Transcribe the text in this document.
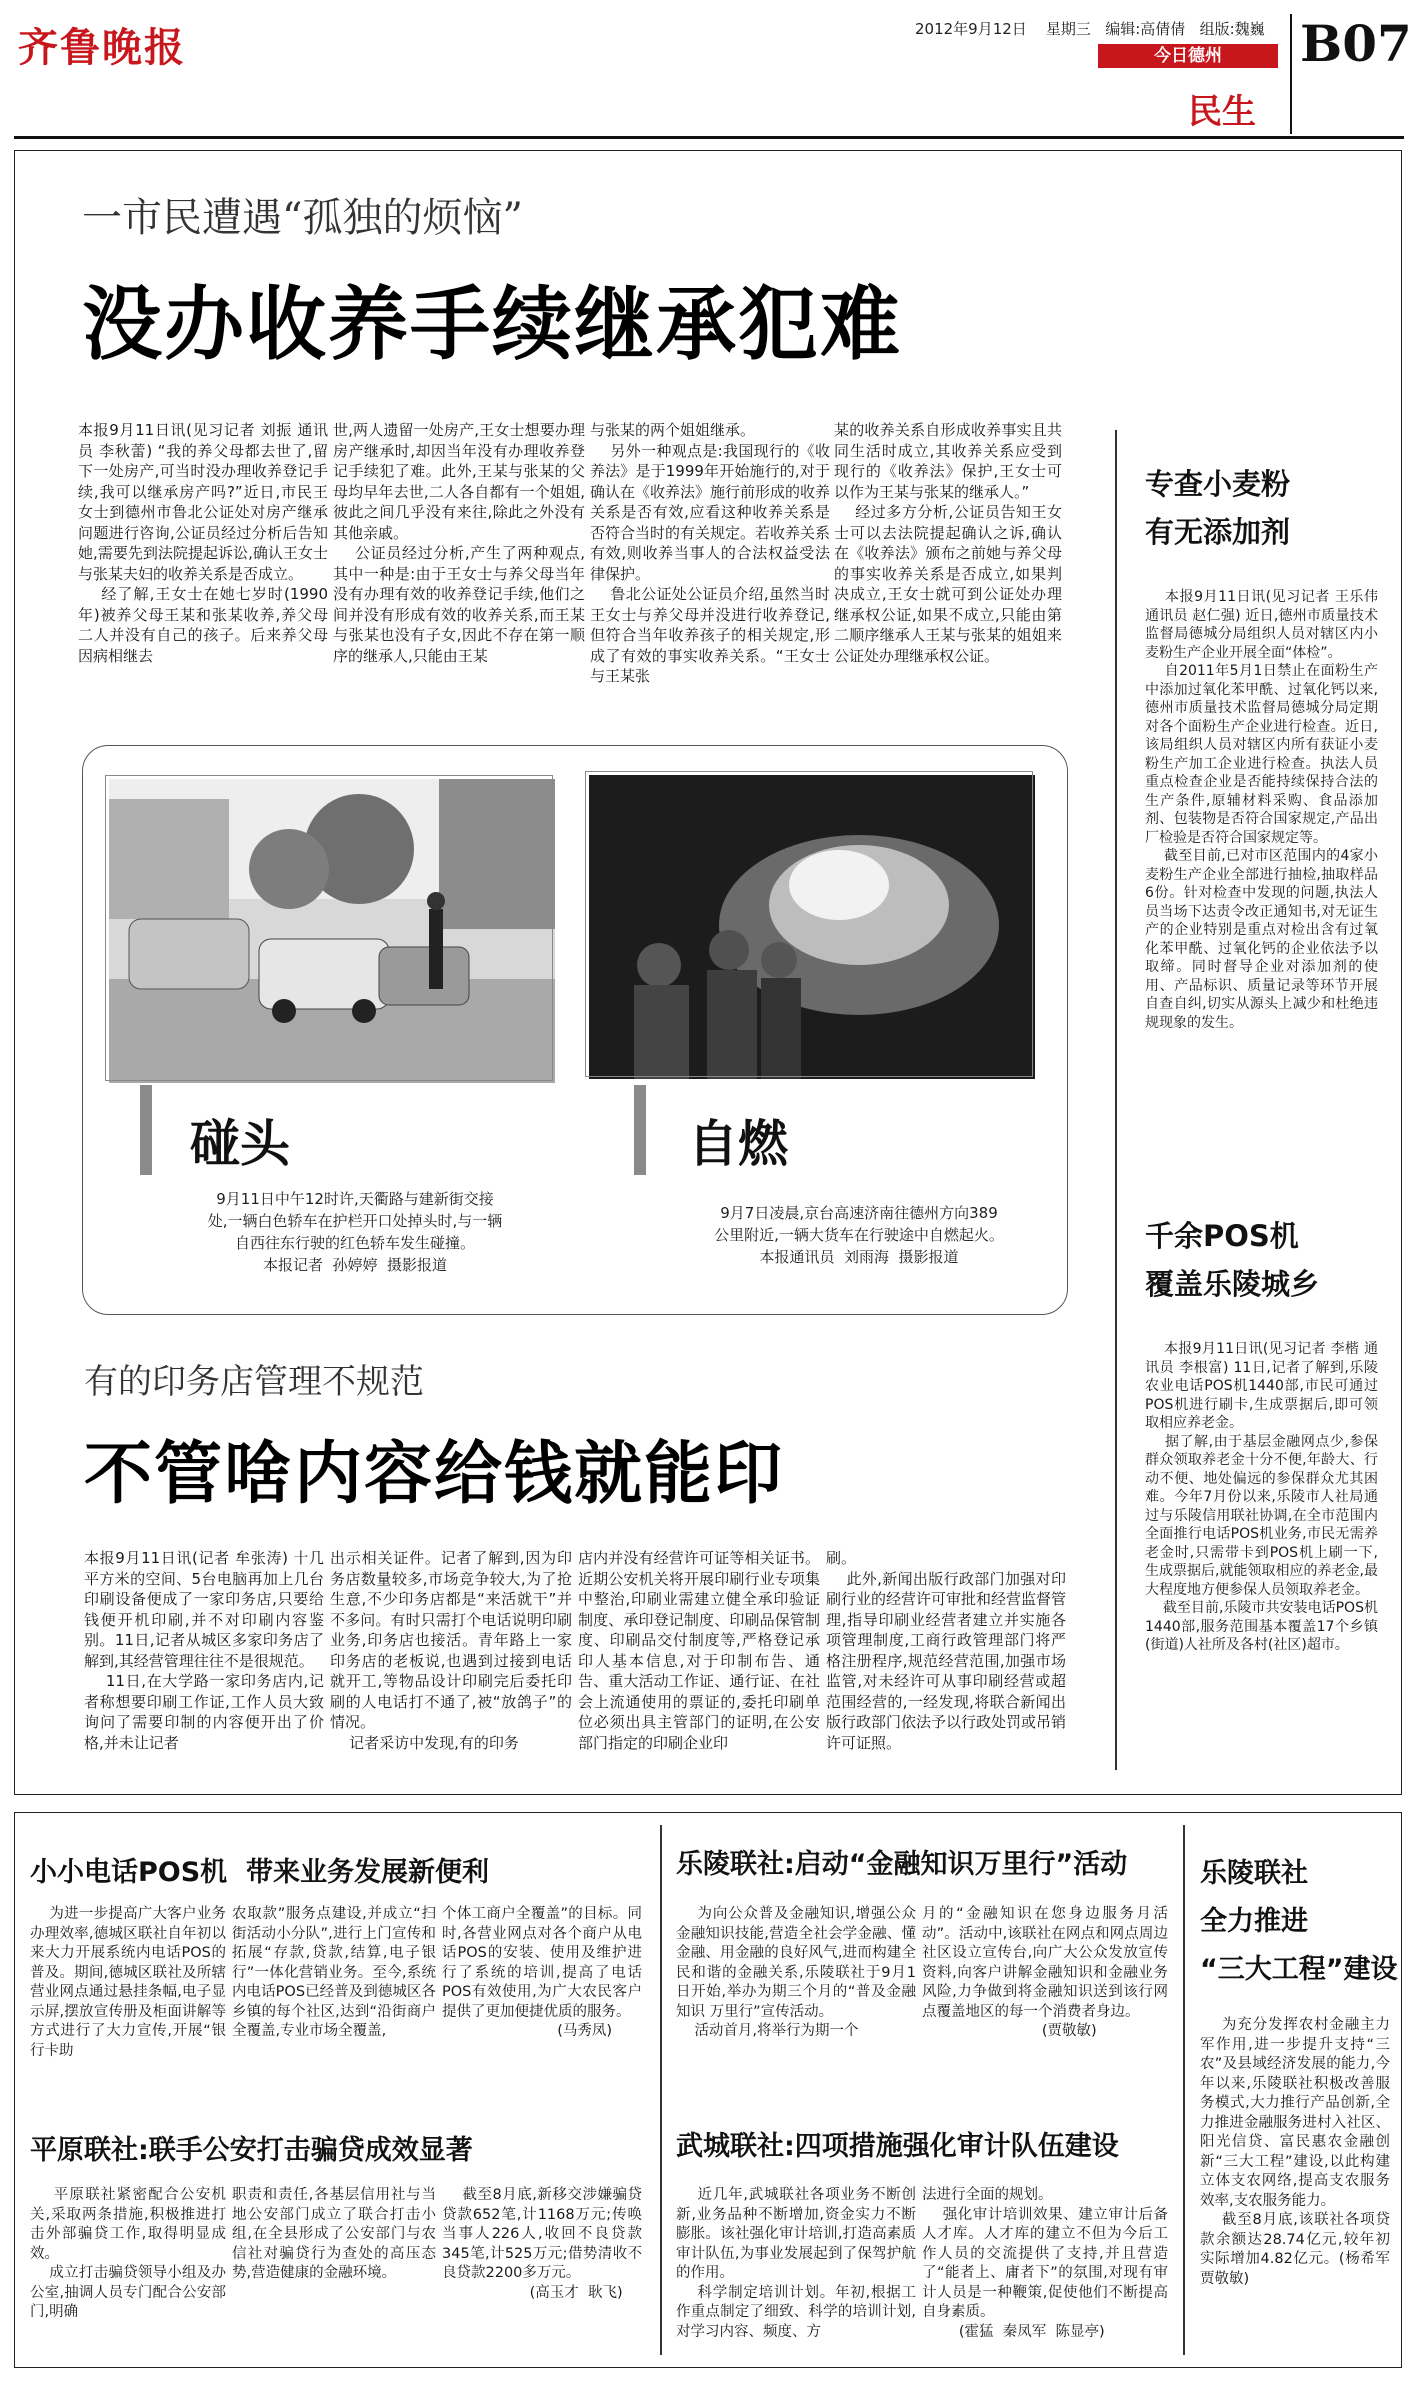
齐鲁晚报	2012年9月12日 星期三 编辑:高倩倩 组版:魏巍
今日德州
民生
B07
一市民遭遇“孤独的烦恼”
没办收养手续继承犯难

本报9月11日讯(见习记者 刘振 通讯员 李秋蕾) “我的养父母都去世了,留下一处房产,可当时没办理收养登记手续,我可以继承房产吗?”近日,市民王女士到德州市鲁北公证处对房产继承问题进行咨询,公证员经过分析后告知她,需要先到法院提起诉讼,确认王女士与张某夫妇的收养关系是否成立。
经了解,王女士在她七岁时(1990年)被养父母王某和张某收养,养父母二人并没有自己的孩子。后来养父母因病相继去

世,两人遗留一处房产,王女士想要办理房产继承时,却因当年没有办理收养登记手续犯了难。此外,王某与张某的父母均早年去世,二人各自都有一个姐姐,彼此之间几乎没有来往,除此之外没有其他亲戚。
公证员经过分析,产生了两种观点,其中一种是:由于王女士与养父母当年没有办理有效的收养登记手续,他们之间并没有形成有效的收养关系,而王某与张某也没有子女,因此不存在第一顺序的继承人,只能由王某

与张某的两个姐姐继承。
另外一种观点是:我国现行的《收养法》是于1999年开始施行的,对于确认在《收养法》施行前形成的收养关系是否有效,应看这种收养关系是否符合当时的有关规定。若收养关系有效,则收养当事人的合法权益受法律保护。
鲁北公证处公证员介绍,虽然当时王女士与养父母并没进行收养登记,但符合当年收养孩子的相关规定,形成了有效的事实收养关系。“王女士与王某张

某的收养关系自形成收养事实且共同生活时成立,其收养关系应受到现行的《收养法》保护,王女士可以作为王某与张某的继承人。”
经过多方分析,公证员告知王女士可以去法院提起确认之诉,确认在《收养法》颁布之前她与养父母的事实收养关系是否成立,如果判决成立,王女士就可到公证处办理继承权公证,如果不成立,只能由第二顺序继承人王某与张某的姐姐来公证处办理继承权公证。

碰头	自燃

9月11日中午12时许,天衢路与建新街交接
处,一辆白色轿车在护栏开口处掉头时,与一辆
自西往东行驶的红色轿车发生碰撞。
本报记者  孙婷婷  摄影报道

9月7日凌晨,京台高速济南往德州方向389
公里附近,一辆大货车在行驶途中自燃起火。
本报通讯员  刘雨海  摄影报道

专查小麦粉
有无添加剂

本报9月11日讯(见习记者 王乐伟 通讯员 赵仁强) 近日,德州市质量技术监督局德城分局组织人员对辖区内小麦粉生产企业开展全面“体检”。
自2011年5月1日禁止在面粉生产中添加过氧化苯甲酰、过氧化钙以来,德州市质量技术监督局德城分局定期对各个面粉生产企业进行检查。近日,该局组织人员对辖区内所有获证小麦粉生产加工企业进行检查。执法人员重点检查企业是否能持续保持合法的生产条件,原辅材料采购、食品添加剂、包装物是否符合国家规定,产品出厂检验是否符合国家规定等。
截至目前,已对市区范围内的4家小麦粉生产企业全部进行抽检,抽取样品6份。针对检查中发现的问题,执法人员当场下达责令改正通知书,对无证生产的企业特别是重点对检出含有过氧化苯甲酰、过氧化钙的企业依法予以取缔。同时督导企业对添加剂的使用、产品标识、质量记录等环节开展自查自纠,切实从源头上减少和杜绝违规现象的发生。

千余POS机
覆盖乐陵城乡

本报9月11日讯(见习记者 李楷 通讯员 李根富) 11日,记者了解到,乐陵农业电话POS机1440部,市民可通过POS机进行刷卡,生成票据后,即可领取相应养老金。
据了解,由于基层金融网点少,参保群众领取养老金十分不便,年龄大、行动不便、地处偏远的参保群众尤其困难。今年7月份以来,乐陵市人社局通过与乐陵信用联社协调,在全市范围内全面推行电话POS机业务,市民无需养老金时,只需带卡到POS机上刷一下,生成票据后,就能领取相应的养老金,最大程度地方便参保人员领取养老金。
截至目前,乐陵市共安装电话POS机1440部,服务范围基本覆盖17个乡镇(街道)人社所及各村(社区)超市。

有的印务店管理不规范
不管啥内容给钱就能印

本报9月11日讯(记者 牟张涛) 十几平方米的空间、5台电脑再加上几台印刷设备便成了一家印务店,只要给钱便开机印刷,并不对印刷内容鉴别。11日,记者从城区多家印务店了解到,其经营管理往往不是很规范。
11日,在大学路一家印务店内,记者称想要印刷工作证,工作人员大致询问了需要印制的内容便开出了价格,并未让记者

出示相关证件。记者了解到,因为印务店数量较多,市场竞争较大,为了抢生意,不少印务店都是“来活就干”并不多问。有时只需打个电话说明印刷业务,印务店也接活。青年路上一家印务店的老板说,也遇到过接到电话就开工,等物品设计印刷完后委托印刷的人电话打不通了,被“放鸽子”的情况。
记者采访中发现,有的印务

店内并没有经营许可证等相关证书。近期公安机关将开展印刷行业专项集中整治,印刷业需建立健全承印验证制度、承印登记制度、印刷品保管制度、印刷品交付制度等,严格登记承印人基本信息,对于印制布告、通告、重大活动工作证、通行证、在社会上流通使用的票证的,委托印刷单位必须出具主管部门的证明,在公安部门指定的印刷企业印

刷。
此外,新闻出版行政部门加强对印刷行业的经营许可审批和经营监督管理,指导印刷业经营者建立并实施各项管理制度,工商行政管理部门将严格注册程序,规范经营范围,加强市场监管,对未经许可从事印刷经营或超范围经营的,一经发现,将联合新闻出版行政部门依法予以行政处罚或吊销许可证照。

小小电话POS机  带来业务发展新便利

为进一步提高广大客户业务办理效率,德城区联社自年初以来大力开展系统内电话POS的普及。期间,德城区联社及所辖营业网点通过悬挂条幅,电子显示屏,摆放宣传册及柜面讲解等方式进行了大力宣传,开展“银行卡助

农取款”服务点建设,并成立“扫街活动小分队”,进行上门宣传和拓展“存款,贷款,结算,电子银行”一体化营销业务。至今,系统内电话POS已经普及到德城区各乡镇的每个社区,达到“沿街商户全覆盖,专业市场全覆盖,

个体工商户全覆盖”的目标。同时,各营业网点对各个商户从电话POS的安装、使用及维护进行了系统的培训,提高了电话POS有效使用,为广大农民客户提供了更加便捷优质的服务。
(马秀凤)

平原联社:联手公安打击骗贷成效显著

平原联社紧密配合公安机关,采取两条措施,积极推进打击外部骗贷工作,取得明显成效。
成立打击骗贷领导小组及办公室,抽调人员专门配合公安部门,明确

职责和责任,各基层信用社与当地公安部门成立了联合打击小组,在全县形成了公安部门与农信社对骗贷行为查处的高压态势,营造健康的金融环境。

截至8月底,新移交涉嫌骗贷贷款652笔,计1168万元;传唤当事人226人,收回不良贷款345笔,计525万元;借势清收不良贷款2200多万元。
(高玉才  耿飞)

乐陵联社:启动“金融知识万里行”活动

为向公众普及金融知识,增强公众金融知识技能,营造全社会学金融、懂金融、用金融的良好风气,进而构建全民和谐的金融关系,乐陵联社于9月1日开始,举办为期三个月的“普及金融知识 万里行”宣传活动。
活动首月,将举行为期一个

月的“金融知识在您身边服务月活动”。活动中,该联社在网点和网点周边社区设立宣传台,向广大公众发放宣传资料,向客户讲解金融知识和金融业务风险,力争做到将金融知识送到该行网点覆盖地区的每一个消费者身边。
(贾敬敏)

武城联社:四项措施强化审计队伍建设

近几年,武城联社各项业务不断创新,业务品种不断增加,资金实力不断膨胀。该社强化审计培训,打造高素质审计队伍,为事业发展起到了保驾护航的作用。
科学制定培训计划。年初,根据工作重点制定了细致、科学的培训计划,对学习内容、频度、方

法进行全面的规划。
强化审计培训效果、建立审计后备人才库。人才库的建立不但为今后工作人员的交流提供了支持,并且营造了“能者上、庸者下”的氛围,对现有审计人员是一种鞭策,促使他们不断提高自身素质。
(霍猛  秦凤军  陈显亭)

乐陵联社
全力推进
“三大工程”建设

为充分发挥农村金融主力军作用,进一步提升支持“三农”及县域经济发展的能力,今年以来,乐陵联社积极改善服务模式,大力推行产品创新,全力推进金融服务进村入社区、阳光信贷、富民惠农金融创新“三大工程”建设,以此构建立体支农网络,提高支农服务效率,支农服务能力。
截至8月底,该联社各项贷款余额达28.74亿元,较年初实际增加4.82亿元。(杨希军  贾敬敏)
